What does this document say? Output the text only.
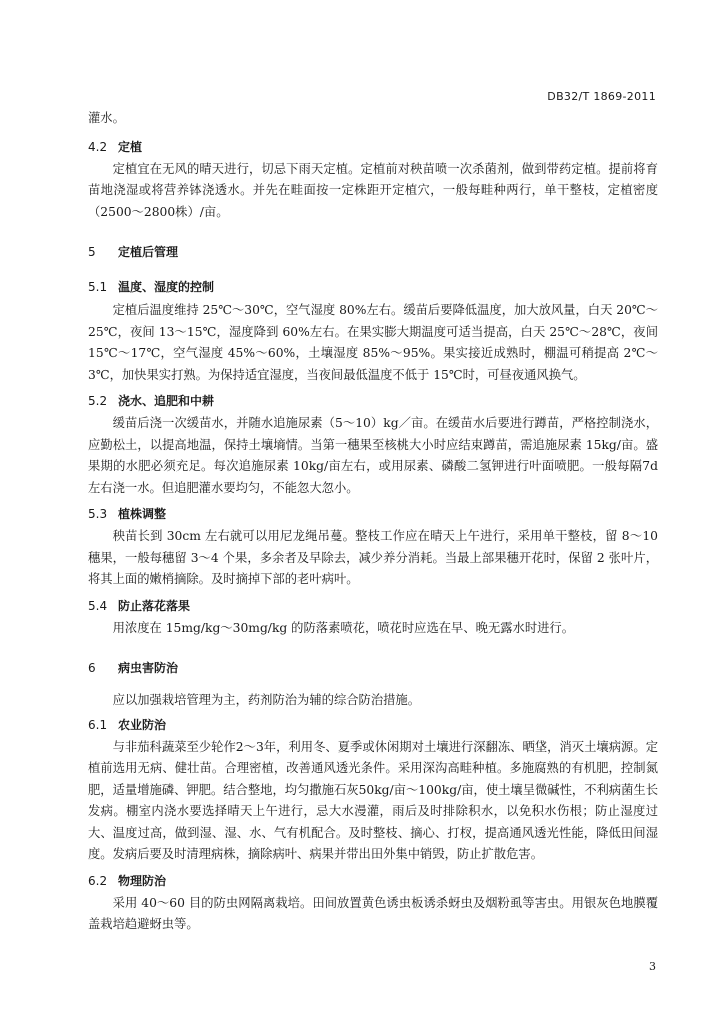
DB32/T 1869-2011

灌水。

4.2 定植

定植宜在无风的晴天进行，切忌下雨天定植。定植前对秧苗喷一次杀菌剂，做到带药定植。提前将育苗地浇湿或将营养钵浇透水。并先在畦面按一定株距开定植穴，一般每畦种两行，单干整枝，定植密度（2500～2800株）/亩。

5 定植后管理
5.1 温度、湿度的控制

定植后温度维持 25℃～30℃，空气湿度 80%左右。缓苗后要降低温度，加大放风量，白天 20℃～25℃，夜间 13～15℃，湿度降到 60%左右。在果实膨大期温度可适当提高，白天 25℃～28℃，夜间15℃～17℃，空气湿度 45%～60%，土壤湿度 85%～95%。果实接近成熟时，棚温可稍提高 2℃～3℃，加快果实打熟。为保持适宜湿度，当夜间最低温度不低于 15℃时，可昼夜通风换气。

5.2 浇水、追肥和中耕

缓苗后浇一次缓苗水，并随水追施尿素（5～10）kg／亩。在缓苗水后要进行蹲苗，严格控制浇水，应勤松土，以提高地温，保持土壤墒情。当第一穗果至核桃大小时应结束蹲苗，需追施尿素 15kg/亩。盛果期的水肥必须充足。每次追施尿素 10kg/亩左右，或用尿素、磷酸二氢钾进行叶面喷肥。一般每隔7d 左右浇一水。但追肥灌水要均匀，不能忽大忽小。

5.3 植株调整

秧苗长到 30cm 左右就可以用尼龙绳吊蔓。整枝工作应在晴天上午进行，采用单干整枝，留 8～10穗果，一般每穗留 3～4 个果，多余者及早除去，减少养分消耗。当最上部果穗开花时，保留 2 张叶片，将其上面的嫩梢摘除。及时摘掉下部的老叶病叶。

5.4 防止落花落果

用浓度在 15mg/kg～30mg/kg 的防落素喷花，喷花时应选在早、晚无露水时进行。

6 病虫害防治

应以加强栽培管理为主，药剂防治为辅的综合防治措施。

6.1 农业防治

与非茄科蔬菜至少轮作2～3年，利用冬、夏季或休闲期对土壤进行深翻冻、晒垡，消灭土壤病源。定植前选用无病、健壮苗。合理密植，改善通风透光条件。采用深沟高畦种植。多施腐熟的有机肥，控制氮肥，适量增施磷、钾肥。结合整地，均匀撒施石灰50kg/亩～100kg/亩，使土壤呈微碱性，不利病菌生长发病。棚室内浇水要选择晴天上午进行，忌大水漫灌，雨后及时排除积水，以免积水伤根；防止湿度过大、温度过高，做到湿、湿、水、气有机配合。及时整枝、摘心、打杈，提高通风透光性能，降低田间湿度。发病后要及时清理病株，摘除病叶、病果并带出田外集中销毁，防止扩散危害。

6.2 物理防治

采用 40～60 目的防虫网隔离栽培。田间放置黄色诱虫板诱杀蚜虫及烟粉虱等害虫。用银灰色地膜覆盖栽培趋避蚜虫等。

3
